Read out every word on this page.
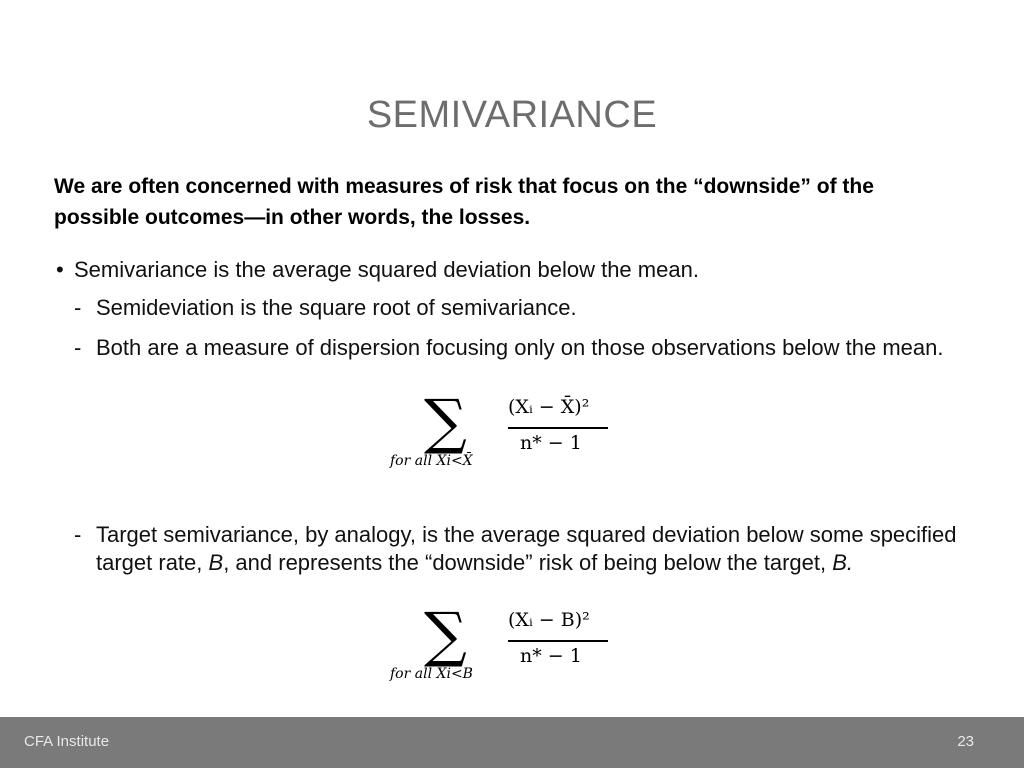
SEMIVARIANCE
We are often concerned with measures of risk that focus on the “downside” of the possible outcomes—in other words, the losses.
• Semivariance is the average squared deviation below the mean.
- Semideviation is the square root of semivariance.
- Both are a measure of dispersion focusing only on those observations below the mean.
∑
for all Xi<X̄
(Xᵢ − X̄)²
n* − 1
- Target semivariance, by analogy, is the average squared deviation below some specified target rate, B, and represents the “downside” risk of being below the target, B.
∑
for all Xi<B
(Xᵢ − B)²
n* − 1
CFA Institute	23
